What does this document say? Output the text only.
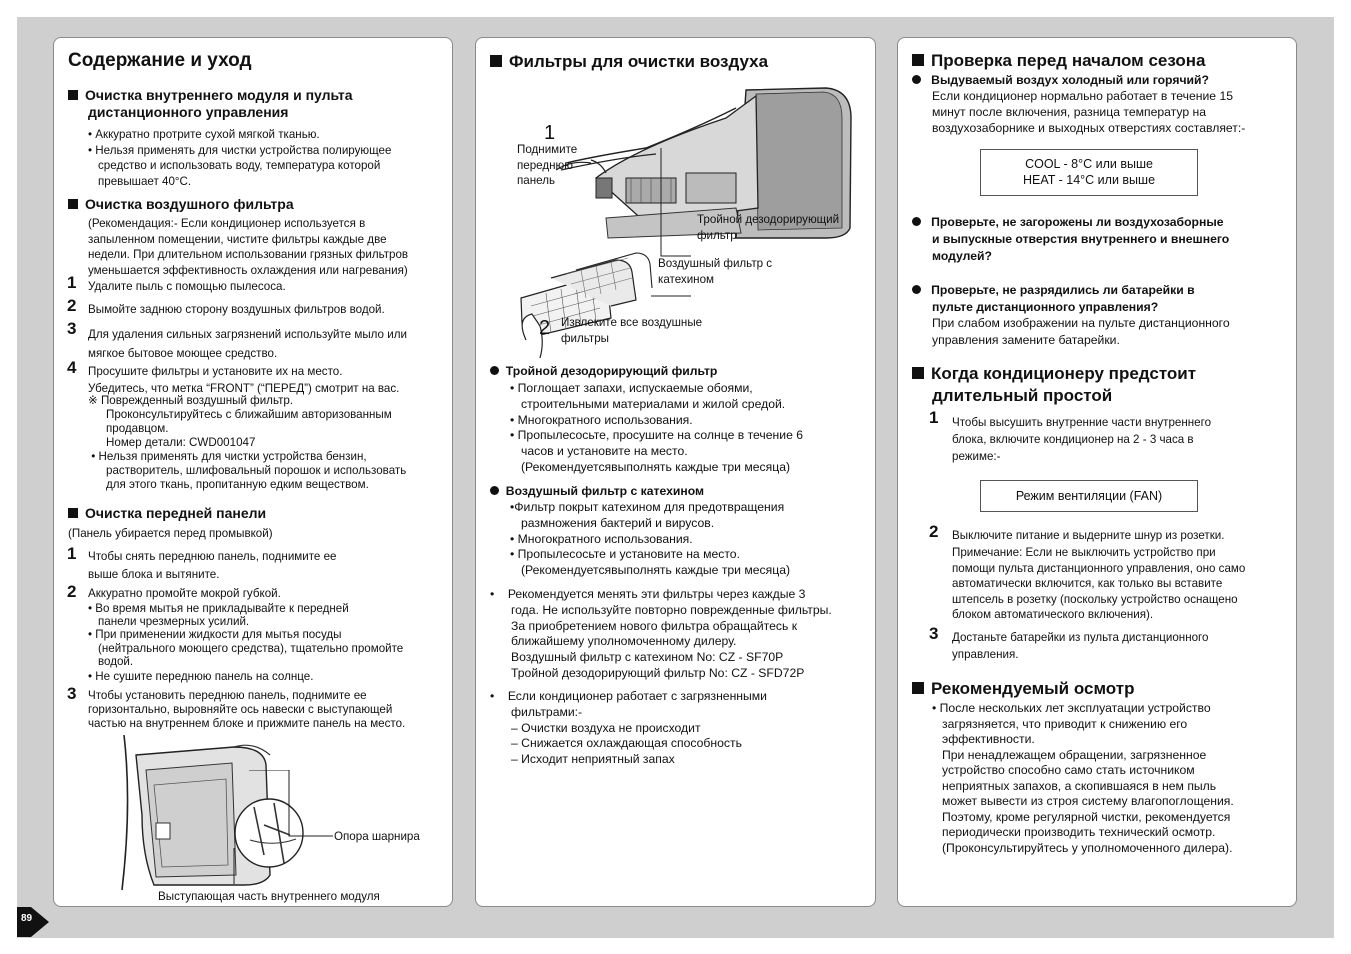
Содержание и уход
Очистка внутреннего модуля и пульта
дистанционного управления
• Аккуратно протрите сухой мягкой тканью.
• Нельзя применять для чистки устройства полирующее
средство и использовать воду, температура которой
превышает 40°C.
Очистка воздушного фильтра
(Рекомендация:- Если кондиционер используется в
запыленном помещении, чистите фильтры каждые две
недели. При длительном использовании грязных фильтров
уменьшается эффективность охлаждения или нагревания)
1 Удалите пыль с помощью пылесоса.
2 Вымойте заднюю сторону воздушных фильтров водой.
3 Для удаления сильных загрязнений используйте мыло или
мягкое бытовое моющее средство.
4 Просушите фильтры и установите их на место.
Убедитесь, что метка “FRONT” (“ПЕРЕД”) смотрит на вас.
※ Поврежденный воздушный фильтр.
Проконсультируйтесь с ближайшим авторизованным
продавцом.
Номер детали: CWD001047
• Нельзя применять для чистки устройства бензин,
растворитель, шлифовальный порошок и использовать
для этого ткань, пропитанную едким веществом.
Очистка передней панели
(Панель убирается перед промывкой)
1 Чтобы снять переднюю панель, поднимите ее
выше блока и вытяните.
2 Аккуратно промойте мокрой губкой.
• Во время мытья не прикладывайте к передней
панели чрезмерных усилий.
• При применении жидкости для мытья посуды
(нейтрального моющего средства), тщательно промойте
водой.
• Не сушите переднюю панель на солнце.
3 Чтобы установить переднюю панель, поднимите ее
горизонтально, выровняйте ось навески с выступающей
частью на внутреннем блоке и прижмите панель на место.
Опора шарнира
Выступающая часть внутреннего модуля
Фильтры для очистки воздуха
1
Поднимите
переднюю
панель
Тройной дезодорирующий
фильтр
Воздушный фильтр с
катехином
2 Извлеките все воздушные
фильтры
Тройной дезодорирующий фильтр
• Поглощает запахи, испускаемые обоями,
строительными материалами и жилой средой.
• Многократного использования.
• Пропылесосьте, просушите на солнце в течение 6
часов и установите на место.
(Рекомендуетсявыполнять каждые три месяца)
Воздушный фильтр с катехином
•Фильтр покрыт катехином для предотвращения
размножения бактерий и вирусов.
• Многократного использования.
• Пропылесосьте и установите на место.
(Рекомендуетсявыполнять каждые три месяца)
•    Рекомендуется менять эти фильтры через каждые 3
года. Не используйте повторно поврежденные фильтры.
За приобретением нового фильтра обращайтесь к
ближайшему уполномоченному дилеру.
Воздушный фильтр с катехином No: CZ - SF70P
Тройной дезодорирующий фильтр No: CZ - SFD72P
•    Если кондиционер работает с загрязненными
фильтрами:-
– Очистки воздуха не происходит
– Снижается охлаждающая способность
– Исходит неприятный запах
Проверка перед началом сезона
Выдуваемый воздух холодный или горячий?
Если кондиционер нормально работает в течение 15
минут после включения, разница температур на
воздухозаборнике и выходных отверстиях составляет:-
COOL - 8°C или выше
HEAT - 14°C или выше
Проверьте, не загорожены ли воздухозаборные
и выпускные отверстия внутреннего и внешнего
модулей?
Проверьте, не разрядились ли батарейки в
пульте дистанционного управления?
При слабом изображении на пульте дистанционного
управления замените батарейки.
Когда кондиционеру предстоит
длительный простой
1 Чтобы высушить внутренние части внутреннего
блока, включите кондиционер на 2 - 3 часа в
режиме:-
Режим вентиляции (FAN)
2 Выключите питание и выдерните шнур из розетки.
Примечание: Если не выключить устройство при
помощи пульта дистанционного управления, оно само
автоматически включится, как только вы вставите
штепсель в розетку (поскольку устройство оснащено
блоком автоматического включения).
3 Достаньте батарейки из пульта дистанционного
управления.
Рекомендуемый осмотр
• После нескольких лет эксплуатации устройство
загрязняется, что приводит к снижению его
эффективности.
При ненадлежащем обращении, загрязненное
устройство способно само стать источником
неприятных запахов, а скопившаяся в нем пыль
может вывести из строя систему влагопоглощения.
Поэтому, кроме регулярной чистки, рекомендуется
периодически производить технический осмотр.
(Проконсультируйтесь у уполномоченного дилера).
89
